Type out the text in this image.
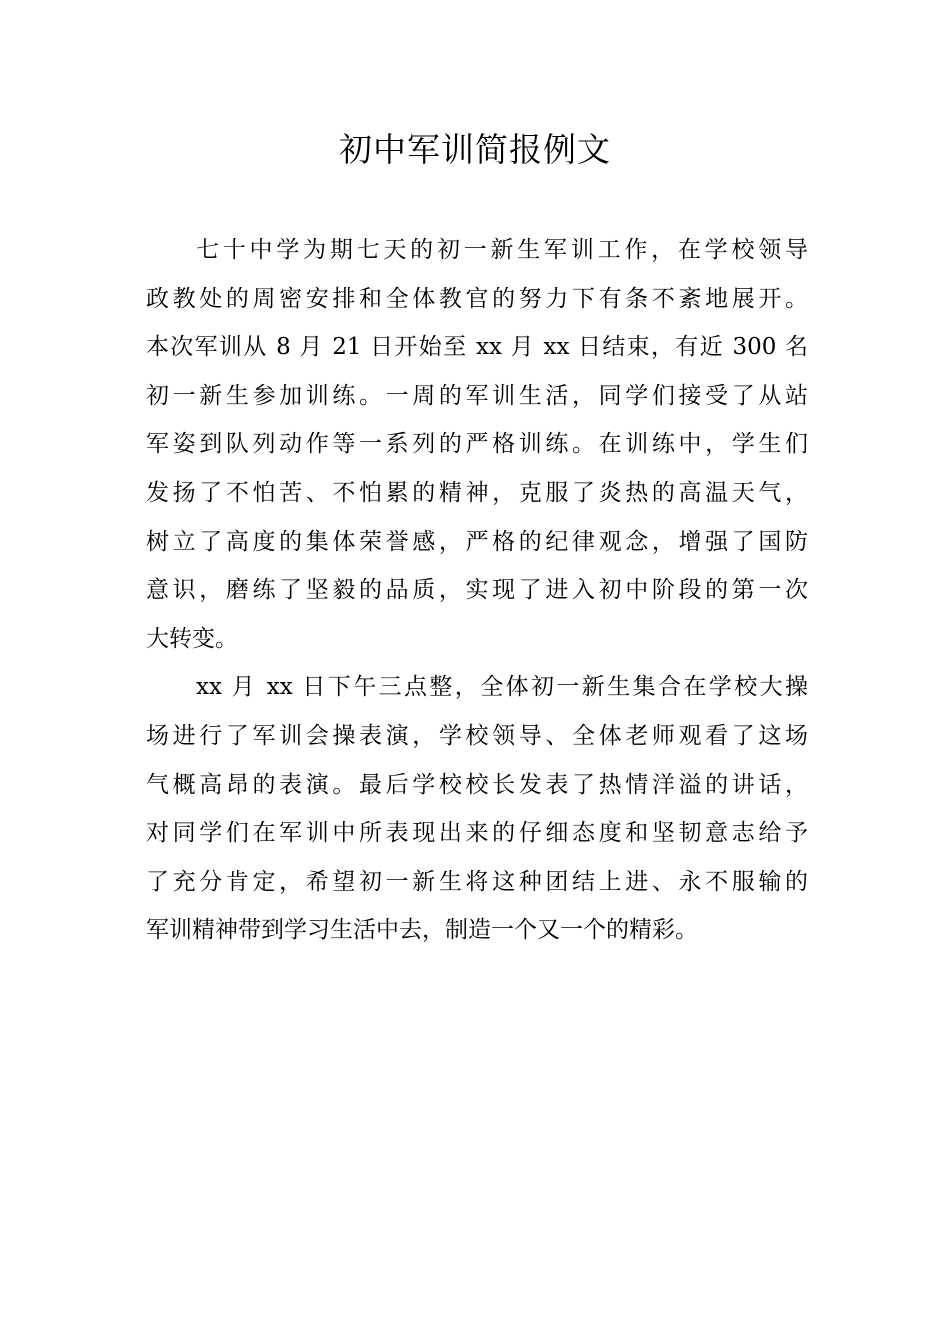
初中军训简报例文
七十中学为期七天的初一新生军训工作，在学校领导
政教处的周密安排和全体教官的努力下有条不紊地展开。
本次军训从 8 月 21 日开始至 xx 月 xx 日结束，有近 300 名
初一新生参加训练。一周的军训生活，同学们接受了从站
军姿到队列动作等一系列的严格训练。在训练中，学生们
发扬了不怕苦、不怕累的精神，克服了炎热的高温天气，
树立了高度的集体荣誉感，严格的纪律观念，增强了国防
意识，磨练了坚毅的品质，实现了进入初中阶段的第一次
大转变。
xx 月 xx 日下午三点整，全体初一新生集合在学校大操
场进行了军训会操表演，学校领导、全体老师观看了这场
气概高昂的表演。最后学校校长发表了热情洋溢的讲话，
对同学们在军训中所表现出来的仔细态度和坚韧意志给予
了充分肯定，希望初一新生将这种团结上进、永不服输的
军训精神带到学习生活中去，制造一个又一个的精彩。
